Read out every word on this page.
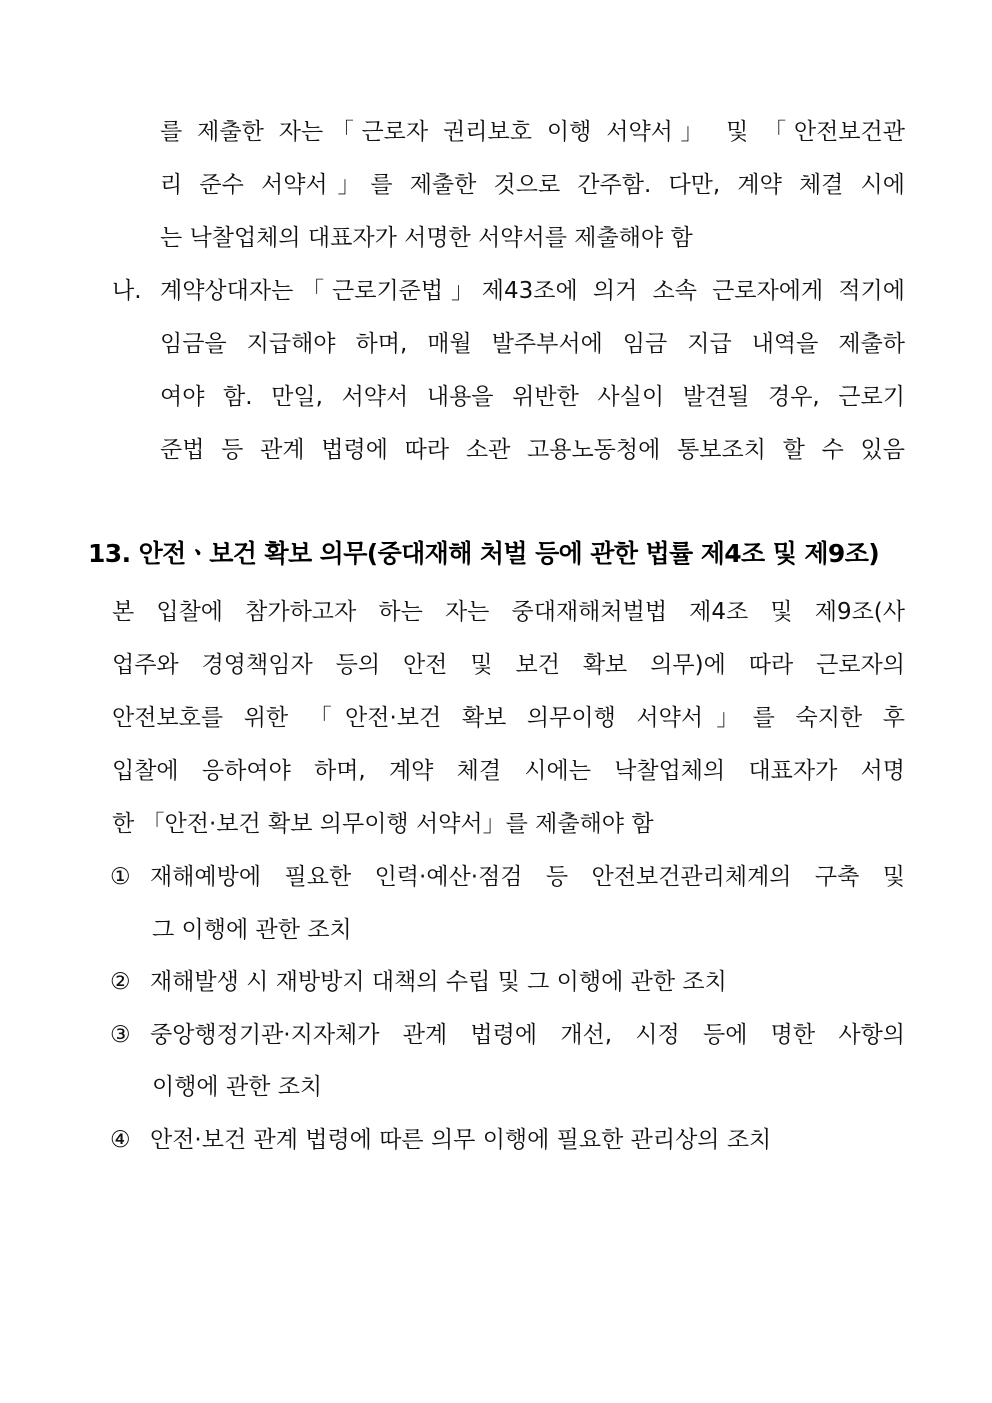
를 제출한 자는「근로자 권리보호 이행 서약서」 및 「안전보건관
리 준수 서약서」를 제출한 것으로 간주함. 다만, 계약 체결 시에
는 낙찰업체의 대표자가 서명한 서약서를 제출해야 함
나. 계약상대자는「근로기준법」제43조에 의거 소속 근로자에게 적기에
임금을 지급해야 하며, 매월 발주부서에 임금 지급 내역을 제출하
여야 함. 만일, 서약서 내용을 위반한 사실이 발견될 경우, 근로기
준법 등 관계 법령에 따라 소관 고용노동청에 통보조치 할 수 있음
13. 안전ㆍ보건 확보 의무(중대재해 처벌 등에 관한 법률 제4조 및 제9조)
본 입찰에 참가하고자 하는 자는 중대재해처벌법 제4조 및 제9조(사
업주와 경영책임자 등의 안전 및 보건 확보 의무)에 따라 근로자의
안전보호를 위한 「안전·보건 확보 의무이행 서약서」를 숙지한 후
입찰에 응하여야 하며, 계약 체결 시에는 낙찰업체의 대표자가 서명
한 「안전·보건 확보 의무이행 서약서」를 제출해야 함
① 재해예방에 필요한 인력·예산·점검 등 안전보건관리체계의 구축 및
그 이행에 관한 조치
② 재해발생 시 재방방지 대책의 수립 및 그 이행에 관한 조치
③ 중앙행정기관·지자체가 관계 법령에 개선, 시정 등에 명한 사항의
이행에 관한 조치
④ 안전·보건 관계 법령에 따른 의무 이행에 필요한 관리상의 조치
